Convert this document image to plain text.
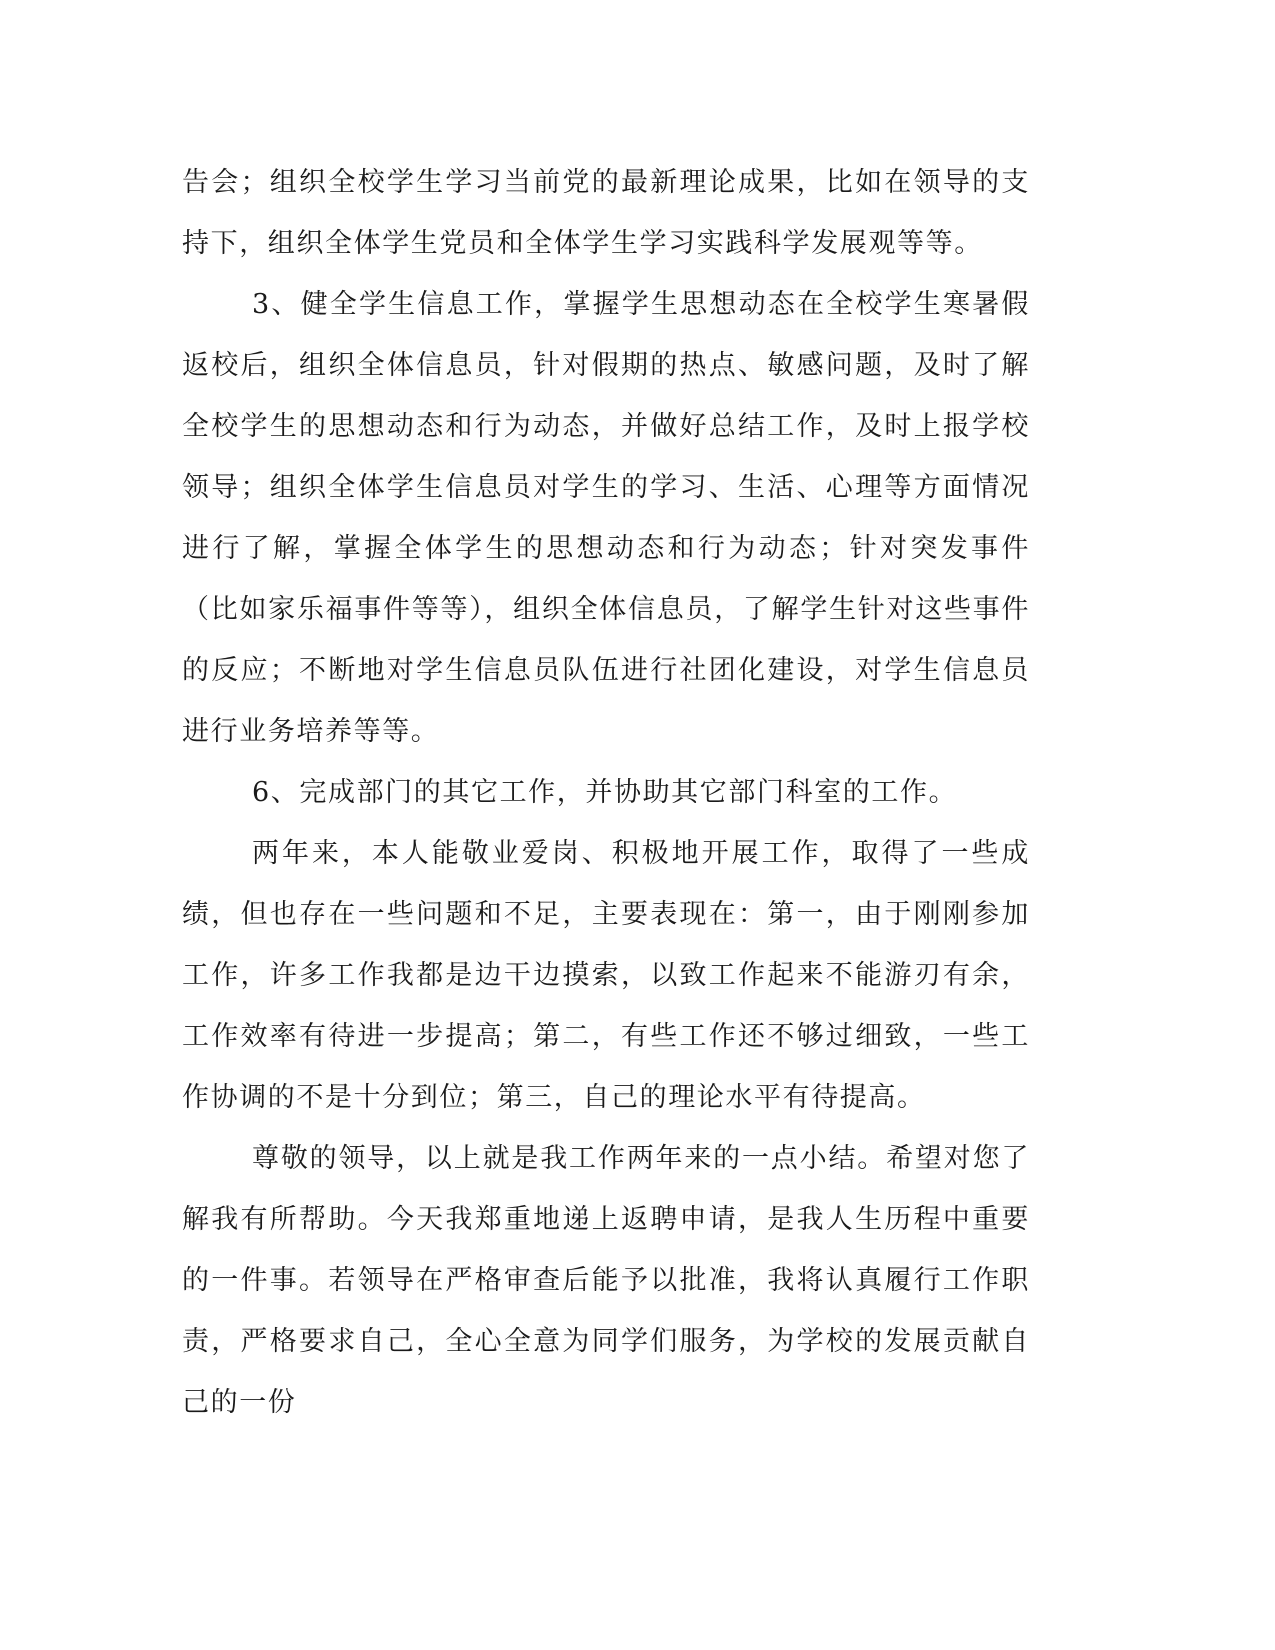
告会；组织全校学生学习当前党的最新理论成果，比如在领导的支持下，组织全体学生党员和全体学生学习实践科学发展观等等。

3、健全学生信息工作，掌握学生思想动态在全校学生寒暑假返校后，组织全体信息员，针对假期的热点、敏感问题，及时了解全校学生的思想动态和行为动态，并做好总结工作，及时上报学校领导；组织全体学生信息员对学生的学习、生活、心理等方面情况进行了解，掌握全体学生的思想动态和行为动态；针对突发事件（比如家乐福事件等等），组织全体信息员，了解学生针对这些事件的反应；不断地对学生信息员队伍进行社团化建设，对学生信息员进行业务培养等等。

6、完成部门的其它工作，并协助其它部门科室的工作。

两年来，本人能敬业爱岗、积极地开展工作，取得了一些成绩，但也存在一些问题和不足，主要表现在：第一，由于刚刚参加工作，许多工作我都是边干边摸索，以致工作起来不能游刃有余，工作效率有待进一步提高；第二，有些工作还不够过细致，一些工作协调的不是十分到位；第三，自己的理论水平有待提高。

尊敬的领导，以上就是我工作两年来的一点小结。希望对您了解我有所帮助。今天我郑重地递上返聘申请，是我人生历程中重要的一件事。若领导在严格审查后能予以批准，我将认真履行工作职责，严格要求自己，全心全意为同学们服务，为学校的发展贡献自己的一份
